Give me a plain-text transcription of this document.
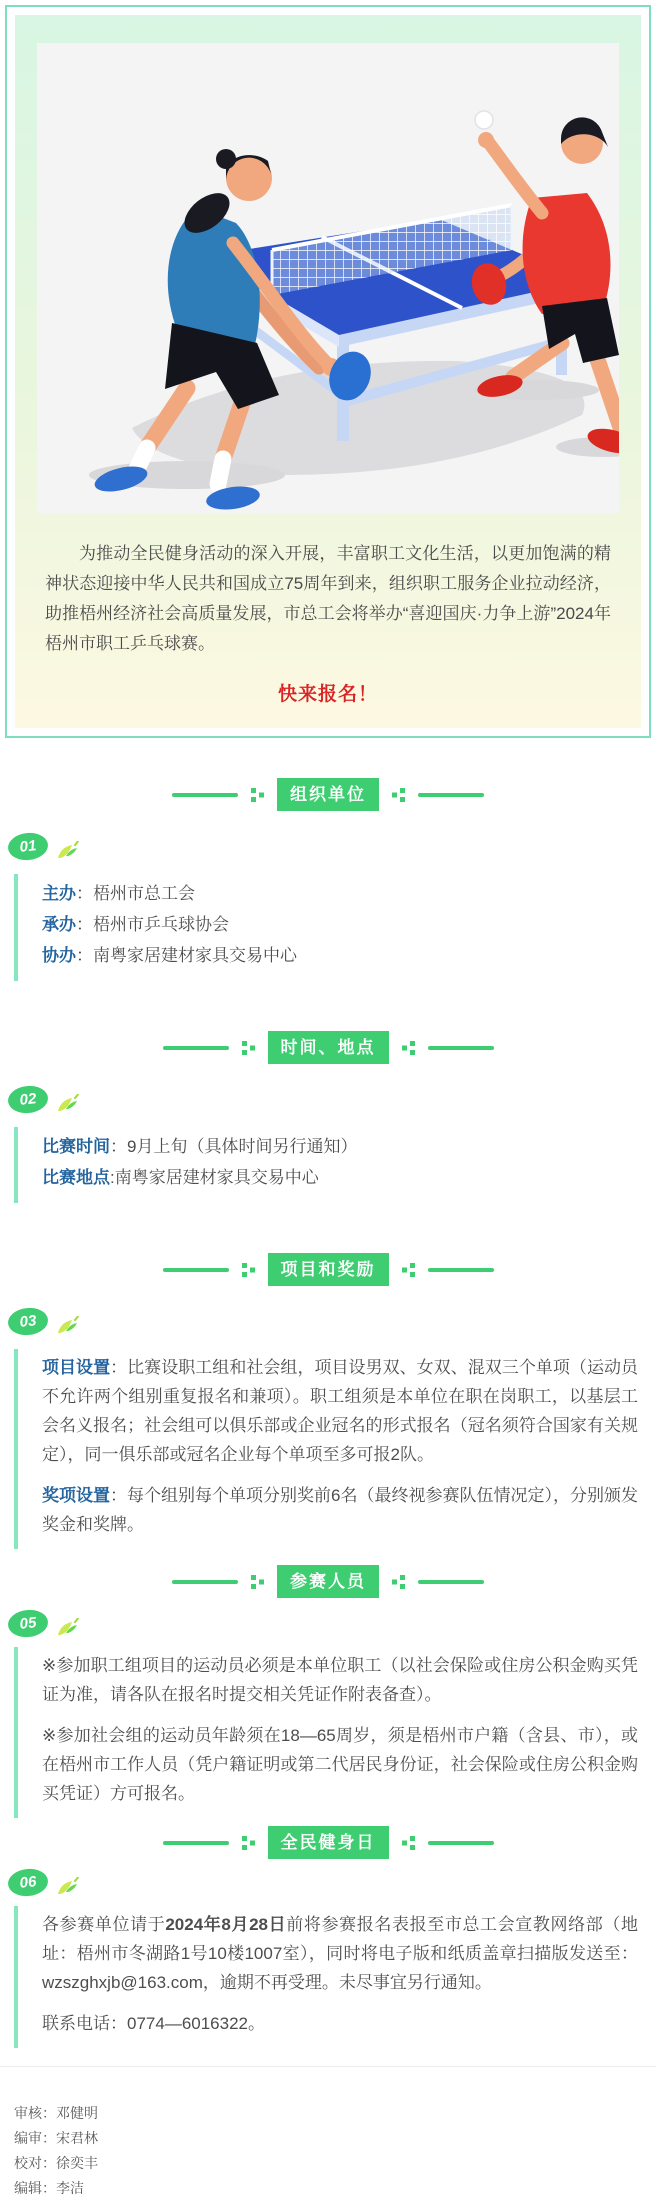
为推动全民健身活动的深入开展，丰富职工文化生活，以更加饱满的精神状态迎接中华人民共和国成立75周年到来，组织职工服务企业拉动经济，助推梧州经济社会高质量发展，市总工会将举办“喜迎国庆·力争上游”2024年梧州市职工乒乓球赛。

快来报名！
组织单位
01

主办：梧州市总工会

承办：梧州市乒乓球协会

协办：南粤家居建材家具交易中心

时间、地点
02

比赛时间：9月上旬（具体时间另行通知）

比赛地点:南粤家居建材家具交易中心

项目和奖励
03

项目设置：比赛设职工组和社会组，项目设男双、女双、混双三个单项（运动员不允许两个组别重复报名和兼项）。职工组须是本单位在职在岗职工，以基层工会名义报名；社会组可以俱乐部或企业冠名的形式报名（冠名须符合国家有关规定），同一俱乐部或冠名企业每个单项至多可报2队。

奖项设置：每个组别每个单项分别奖前6名（最终视参赛队伍情况定），分别颁发奖金和奖牌。

参赛人员
05

※参加职工组项目的运动员必须是本单位职工（以社会保险或住房公积金购买凭证为准，请各队在报名时提交相关凭证作附表备查）。

※参加社会组的运动员年龄须在18—65周岁，须是梧州市户籍（含县、市），或在梧州市工作人员（凭户籍证明或第二代居民身份证，社会保险或住房公积金购买凭证）方可报名。

全民健身日
06

各参赛单位请于2024年8月28日前将参赛报名表报至市总工会宣教网络部（地址：梧州市冬湖路1号10楼1007室），同时将电子版和纸质盖章扫描版发送至：wzszghxjb@163.com，逾期不再受理。未尽事宜另行通知。

联系电话：0774—6016322。

审核：邓健明

编审：宋君林

校对：徐奕丰

编辑：李洁
